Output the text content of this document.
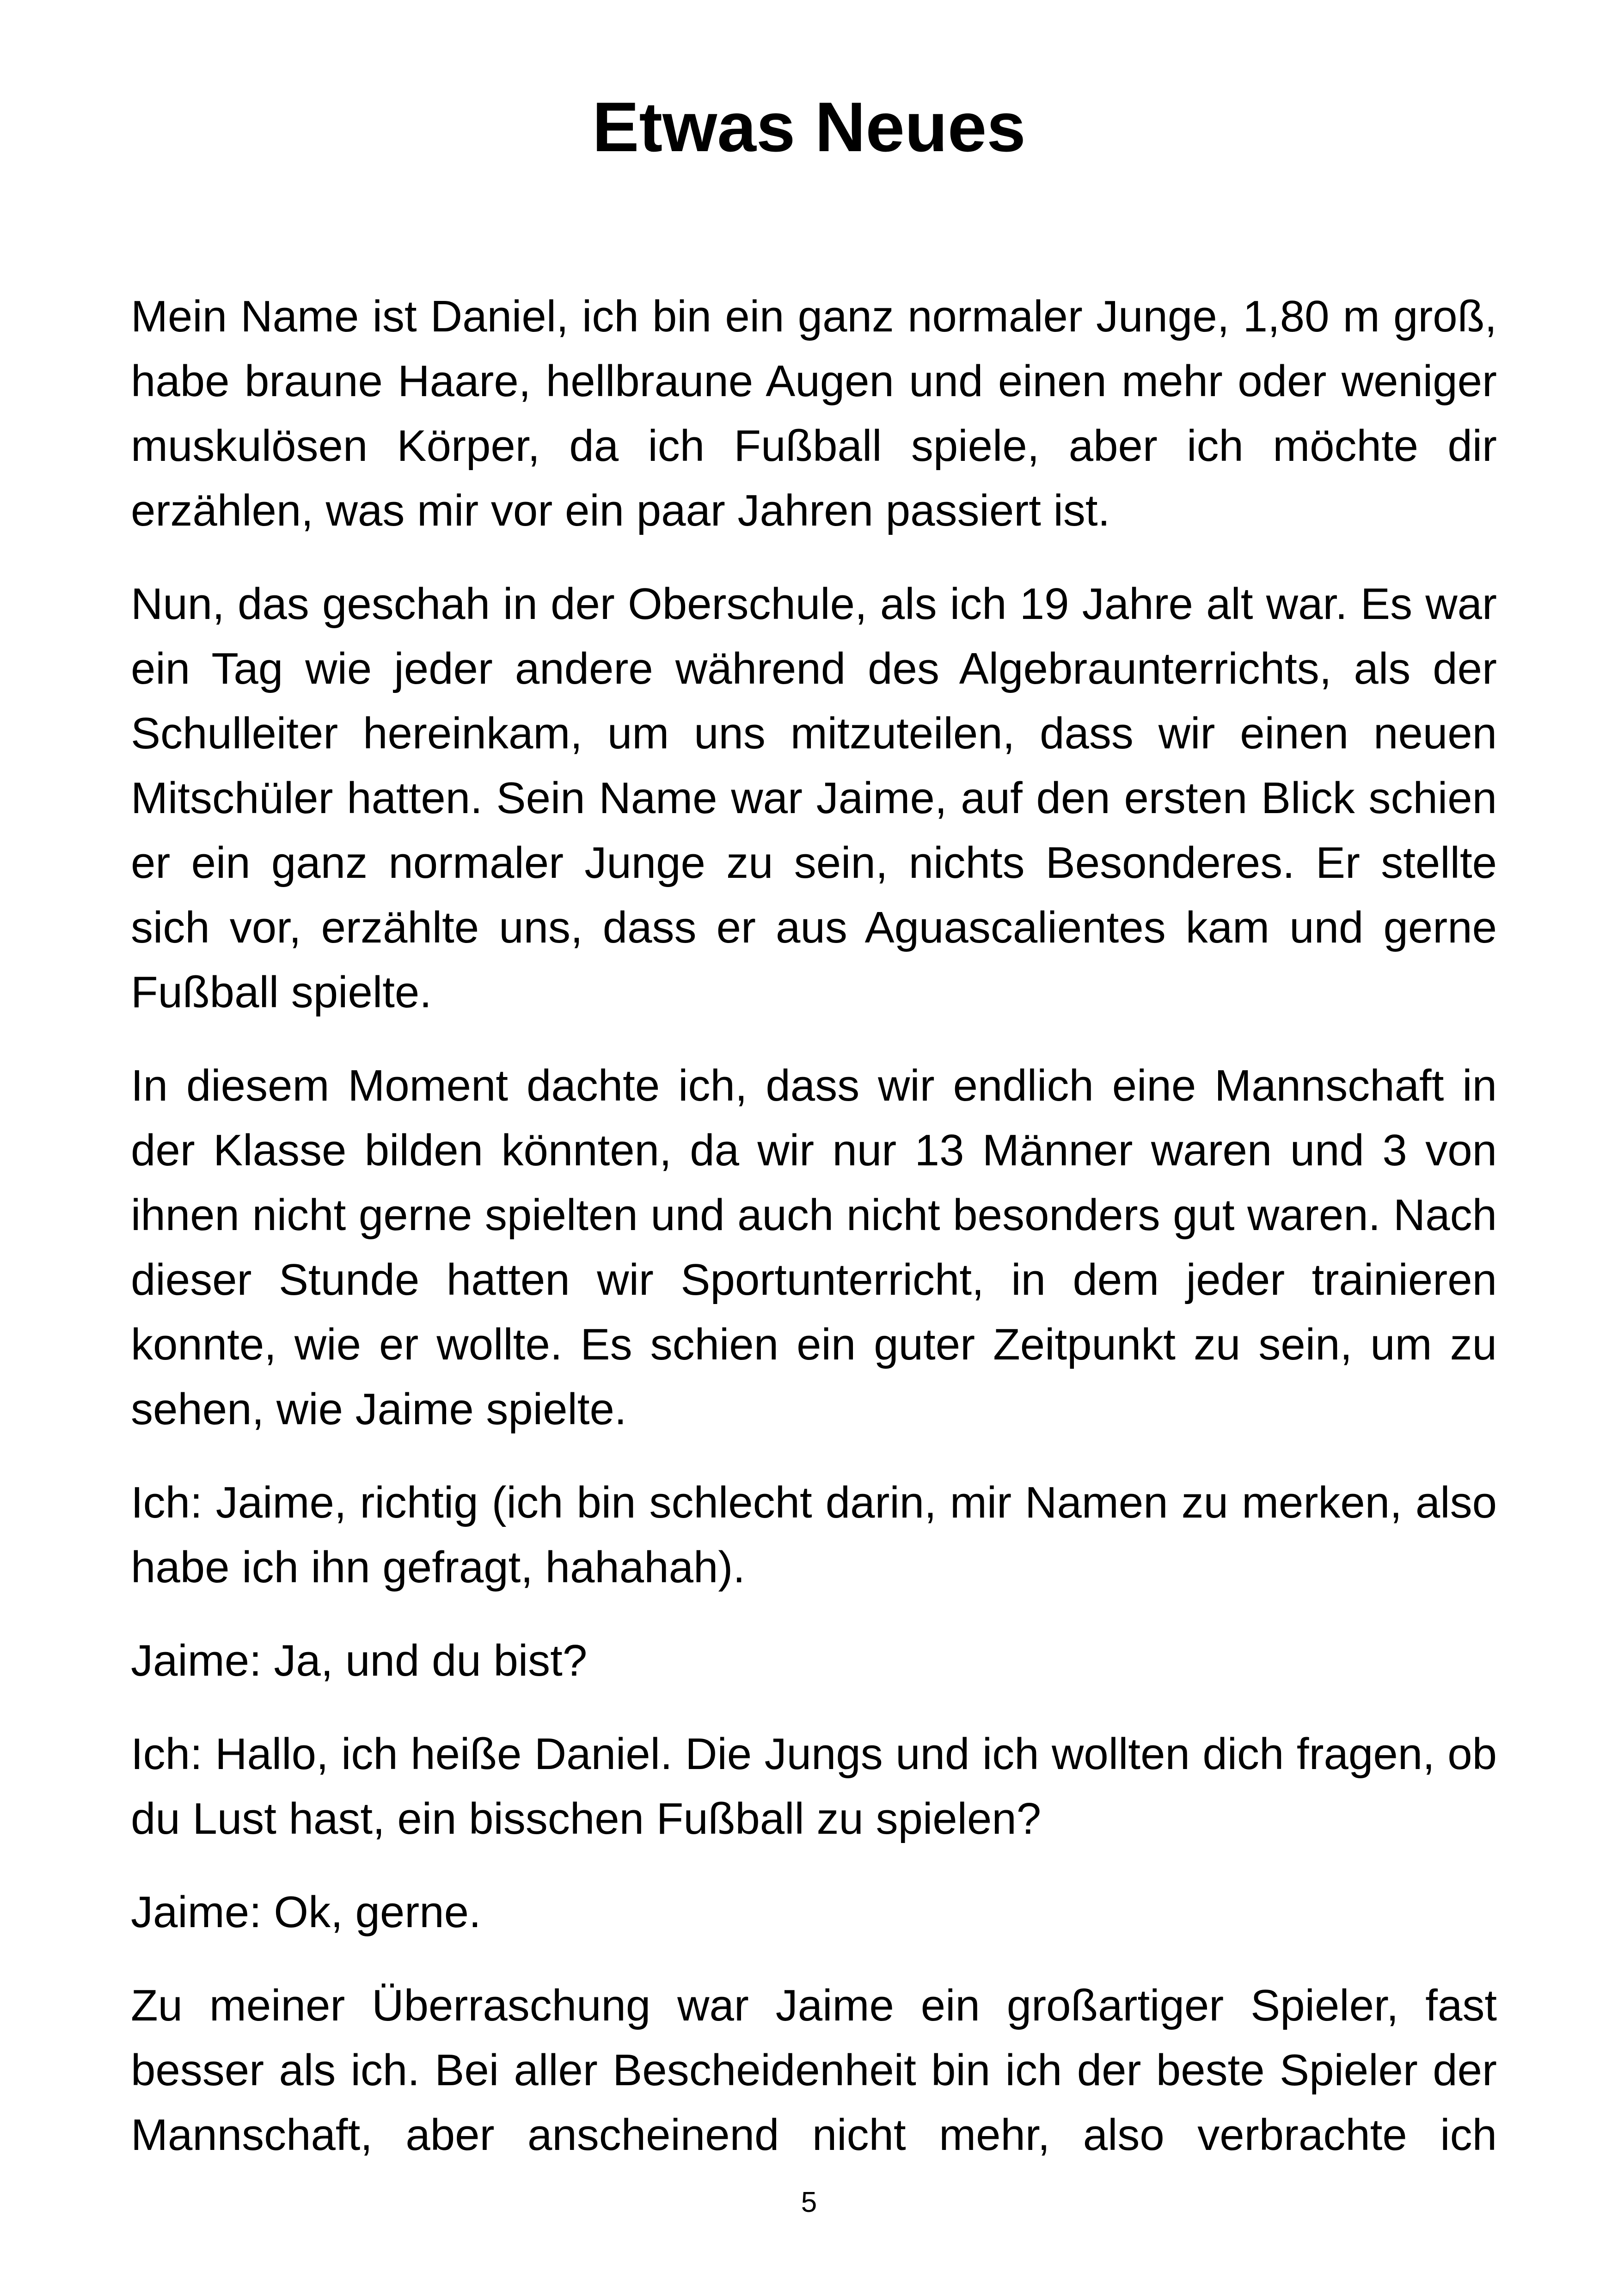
Etwas Neues

Mein Name ist Daniel, ich bin ein ganz normaler Junge, 1,80 m groß, habe braune Haare, hellbraune Augen und einen mehr oder weniger muskulösen Körper, da ich Fußball spiele, aber ich möchte dir erzählen, was mir vor ein paar Jahren passiert ist.

Nun, das geschah in der Oberschule, als ich 19 Jahre alt war. Es war ein Tag wie jeder andere während des Algebraunterrichts, als der Schulleiter hereinkam, um uns mitzuteilen, dass wir einen neuen Mitschüler hatten. Sein Name war Jaime, auf den ersten Blick schien er ein ganz normaler Junge zu sein, nichts Besonderes. Er stellte sich vor, erzählte uns, dass er aus Aguascalientes kam und gerne Fußball spielte.

In diesem Moment dachte ich, dass wir endlich eine Mannschaft in der Klasse bilden könnten, da wir nur 13 Männer waren und 3 von ihnen nicht gerne spielten und auch nicht besonders gut waren. Nach dieser Stunde hatten wir Sportunterricht, in dem jeder trainieren konnte, wie er wollte. Es schien ein guter Zeitpunkt zu sein, um zu sehen, wie Jaime spielte.

Ich: Jaime, richtig (ich bin schlecht darin, mir Namen zu merken, also habe ich ihn gefragt, hahahah).

Jaime: Ja, und du bist?

Ich: Hallo, ich heiße Daniel. Die Jungs und ich wollten dich fragen, ob du Lust hast, ein bisschen Fußball zu spielen?

Jaime: Ok, gerne.

Zu meiner Überraschung war Jaime ein großartiger Spieler, fast besser als ich. Bei aller Bescheidenheit bin ich der beste Spieler der Mannschaft, aber anscheinend nicht mehr, also verbrachte ich

5
